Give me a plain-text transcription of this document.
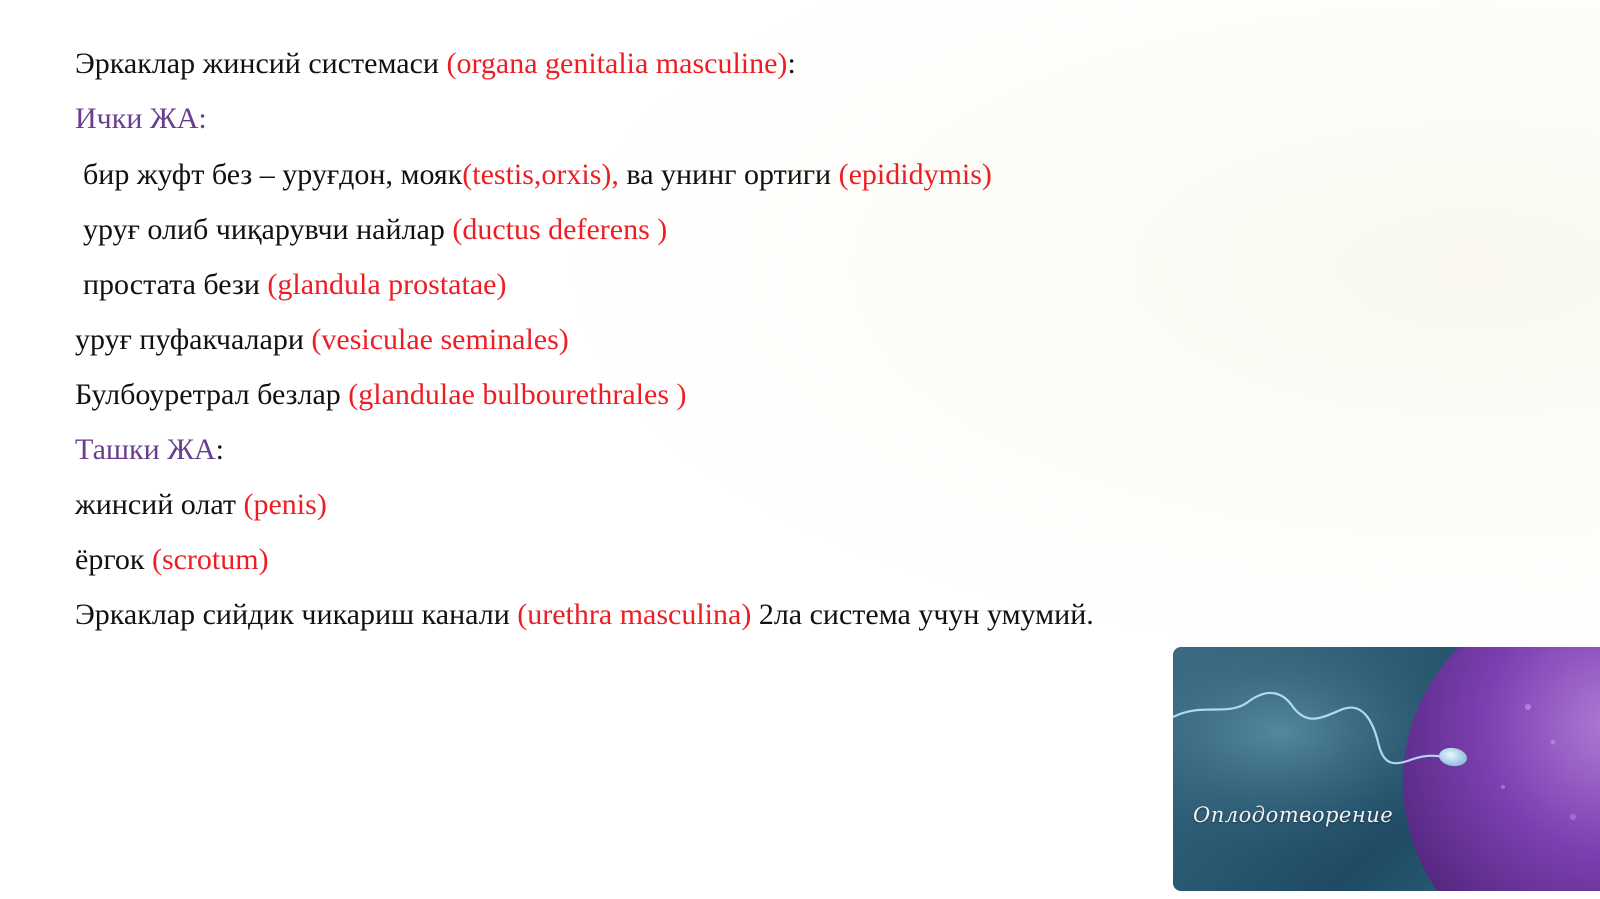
Эркаклар жинсий системаси (organa genitalia masculine):
Ички ЖА:
бир жуфт без – уруғдон, мояк(testis,orxis), ва унинг ортиги (epididymis)
уруғ олиб чиқарувчи найлар (ductus deferens )
простата бези (glandula prostatae)
уруғ пуфакчалари (vesiculae seminales)
Булбоуретрал безлар (glandulae bulbourethrales )
Ташки ЖА:
жинсий олат (penis)
ёргок (scrotum)
Эркаклар сийдик чикариш канали (urethra masculina) 2ла система учун умумий.
Оплодотворение
